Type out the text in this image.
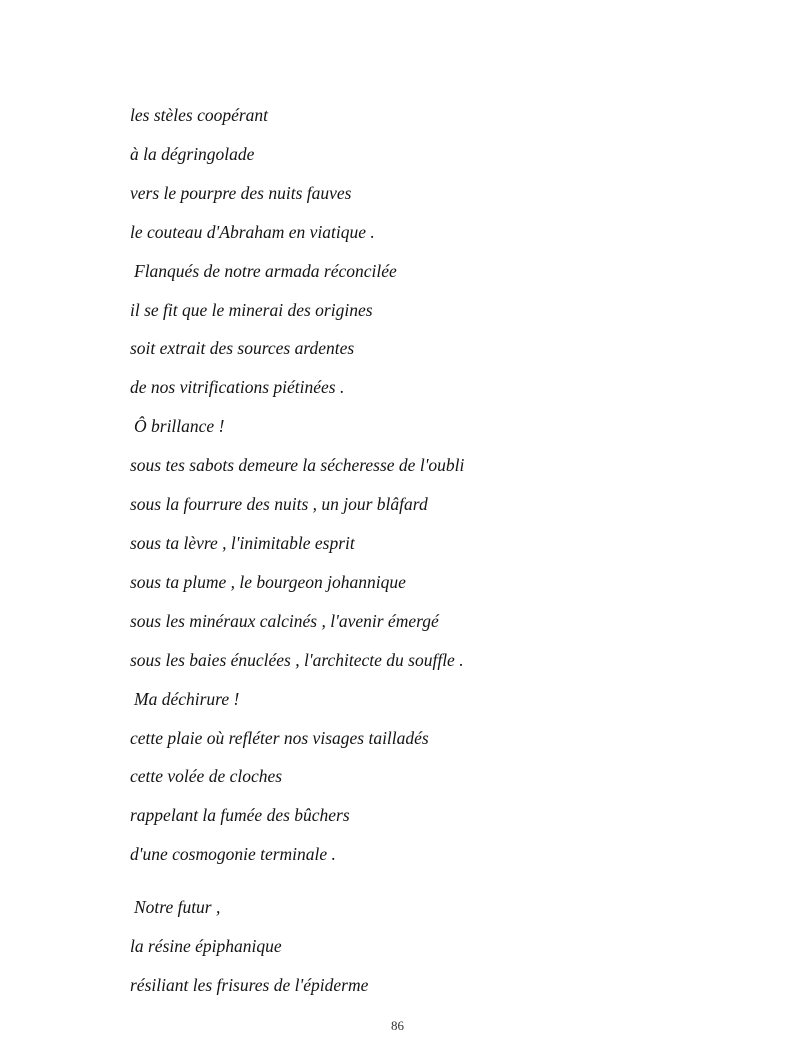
les stèles coopérant
à la dégringolade
vers le pourpre des nuits fauves
le couteau d'Abraham en viatique .
Flanqués de notre armada réconcilée
il se fit que le minerai des origines
soit extrait des sources ardentes
de nos vitrifications piétinées .
Ô brillance !
sous tes sabots demeure la sécheresse de l'oubli
sous la fourrure des nuits , un jour blâfard
sous ta lèvre , l'inimitable esprit
sous ta plume , le bourgeon johannique
sous les minéraux calcinés , l'avenir émergé
sous les baies énuclées , l'architecte du souffle .
Ma déchirure !
cette plaie où refléter nos visages tailladés
cette volée de cloches
rappelant la fumée des bûchers
d'une cosmogonie terminale .
Notre futur ,
la résine épiphanique
résiliant les frisures de l'épiderme
86
